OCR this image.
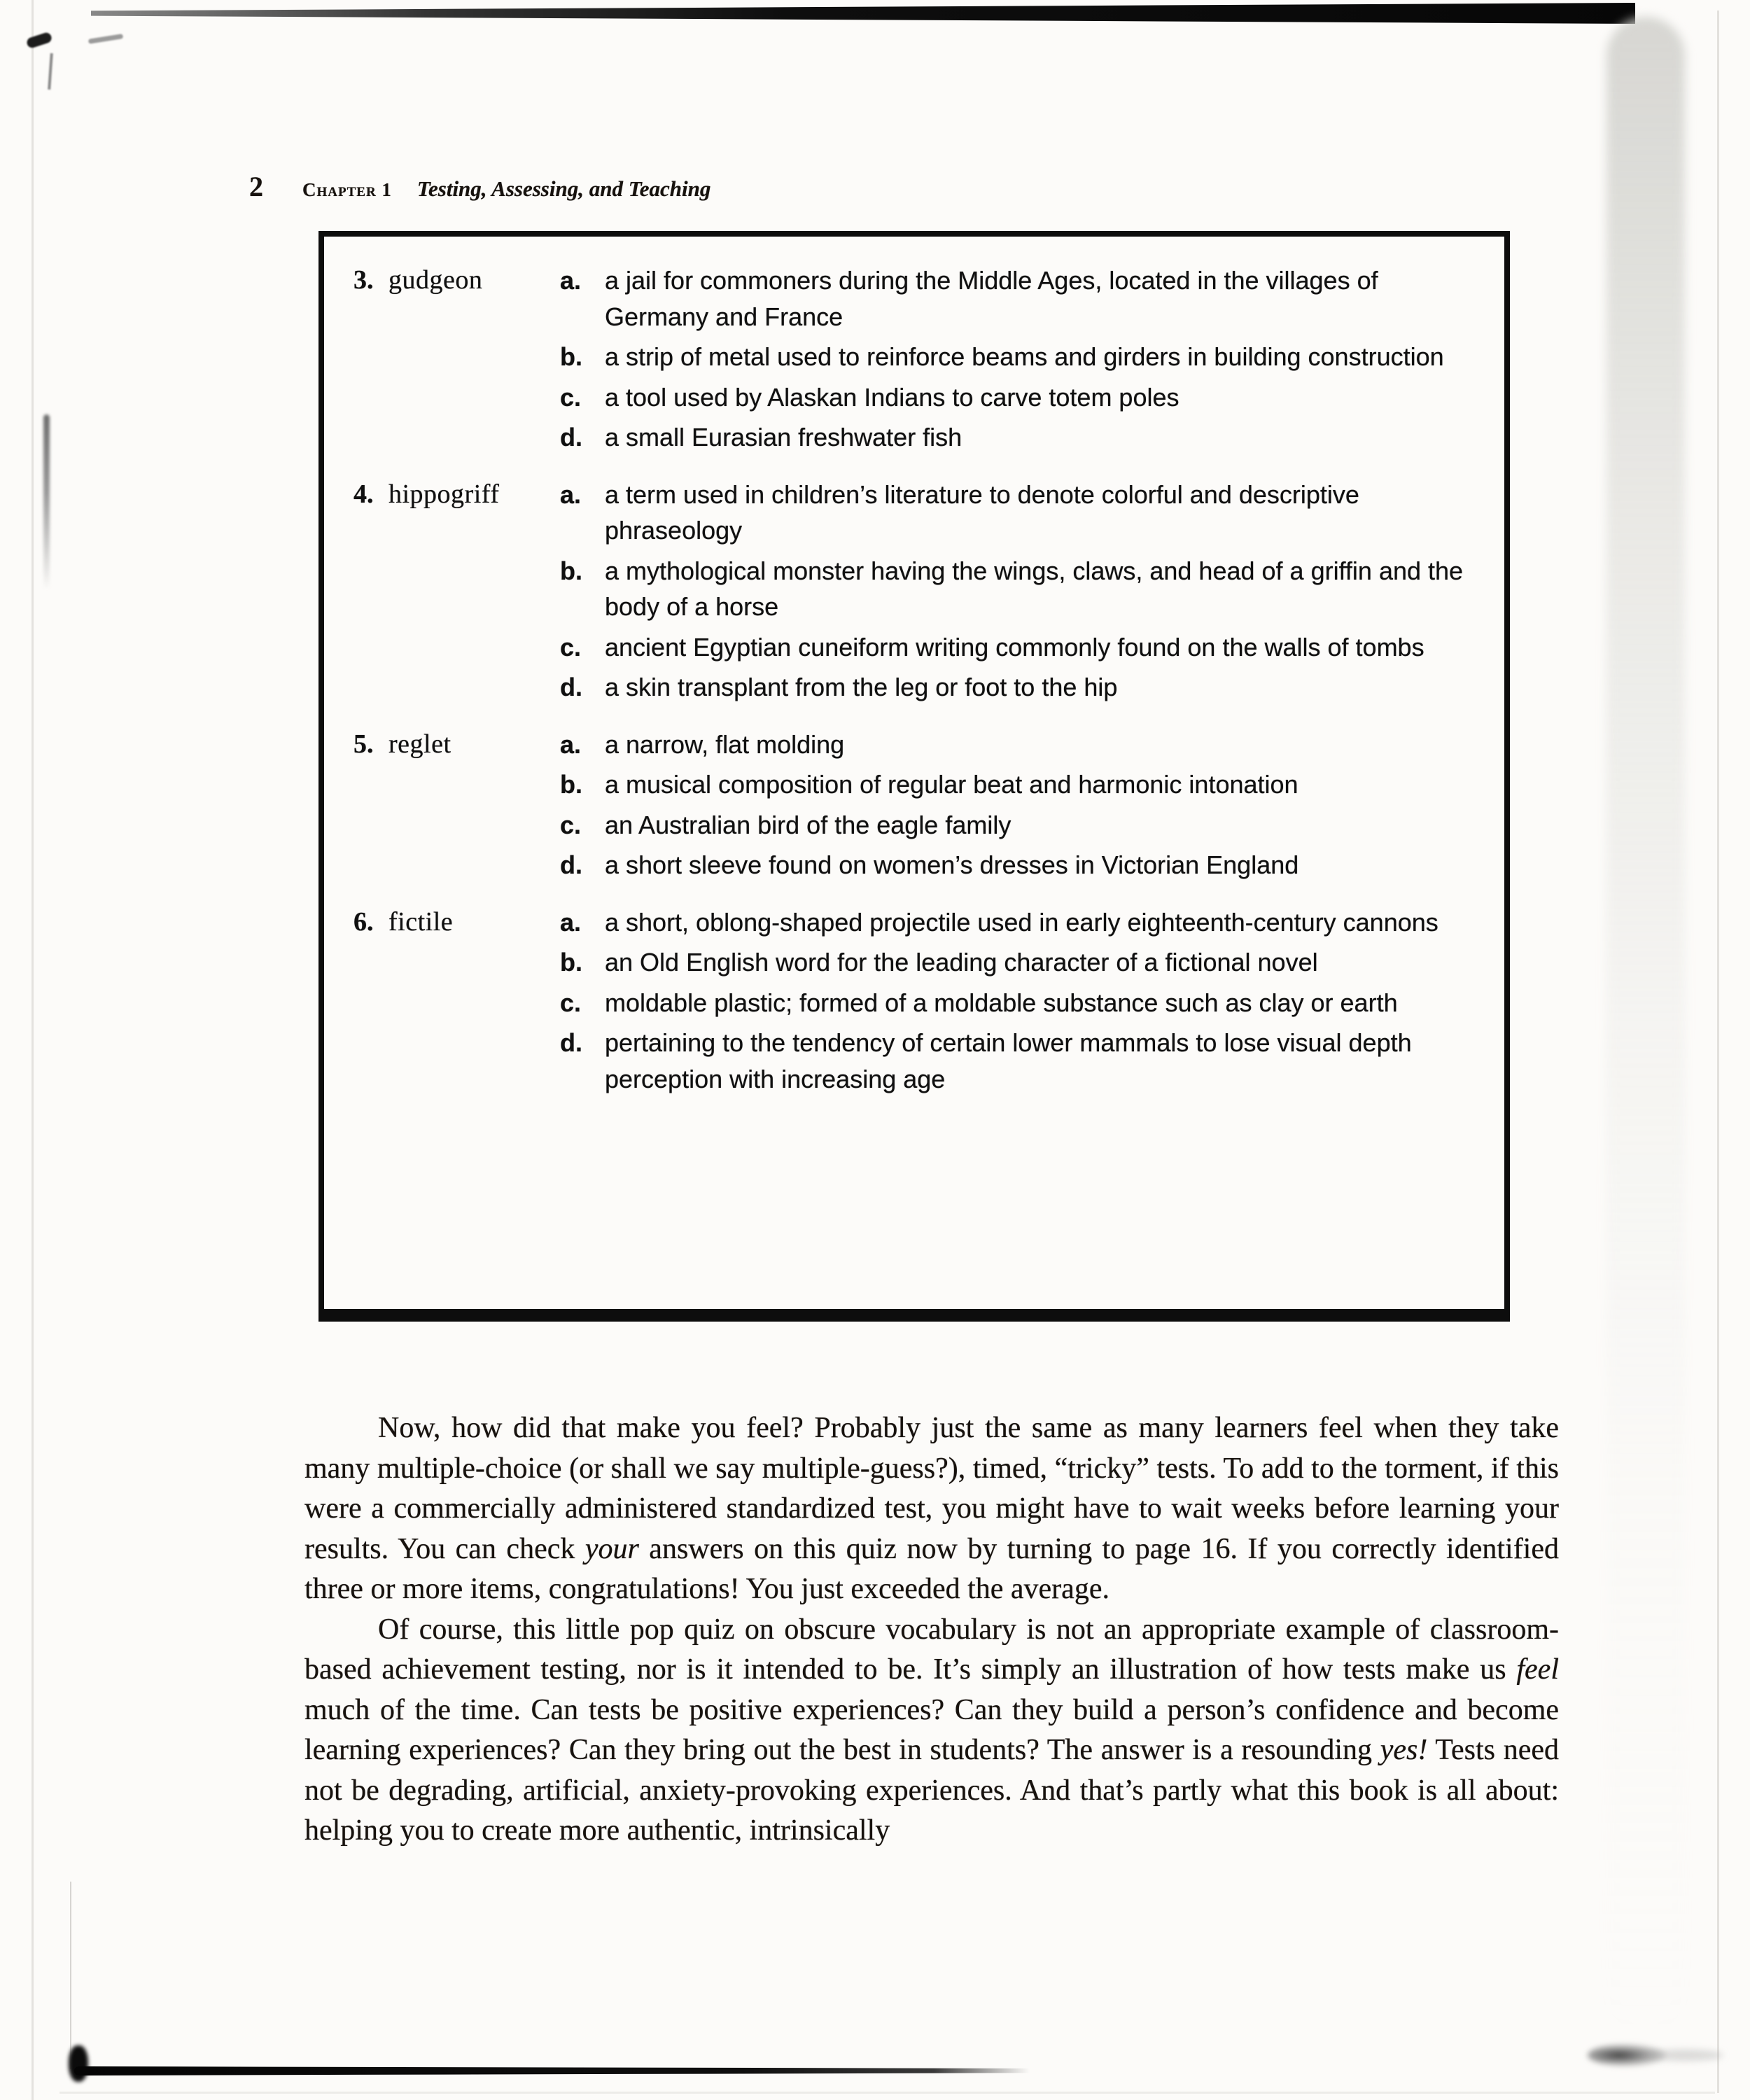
2 Chapter 1 Testing, Assessing, and Teaching
3. gudgeon	a. a jail for commoners during the Middle Ages, located in the villages of Germany and France
b. a strip of metal used to reinforce beams and girders in building construction
c. a tool used by Alaskan Indians to carve totem poles
d. a small Eurasian freshwater fish
4. hippogriff	a. a term used in children’s literature to denote colorful and descriptive phraseology
b. a mythological monster having the wings, claws, and head of a griffin and the body of a horse
c. ancient Egyptian cuneiform writing commonly found on the walls of tombs
d. a skin transplant from the leg or foot to the hip
5. reglet	a. a narrow, flat molding
b. a musical composition of regular beat and harmonic intonation
c. an Australian bird of the eagle family
d. a short sleeve found on women’s dresses in Victorian England
6. fictile	a. a short, oblong-shaped projectile used in early eighteenth-century cannons
b. an Old English word for the leading character of a fictional novel
c. moldable plastic; formed of a moldable substance such as clay or earth
d. pertaining to the tendency of certain lower mammals to lose visual depth perception with increasing age

Now, how did that make you feel? Probably just the same as many learners feel when they take many multiple-choice (or shall we say multiple-guess?), timed, “tricky” tests. To add to the torment, if this were a commercially administered standardized test, you might have to wait weeks before learning your results. You can check your answers on this quiz now by turning to page 16. If you correctly identified three or more items, congratulations! You just exceeded the average.

Of course, this little pop quiz on obscure vocabulary is not an appropriate example of classroom-based achievement testing, nor is it intended to be. It’s simply an illustration of how tests make us feel much of the time. Can tests be positive experiences? Can they build a person’s confidence and become learning experiences? Can they bring out the best in students? The answer is a resounding yes! Tests need not be degrading, artificial, anxiety-provoking experiences. And that’s partly what this book is all about: helping you to create more authentic, intrinsically
